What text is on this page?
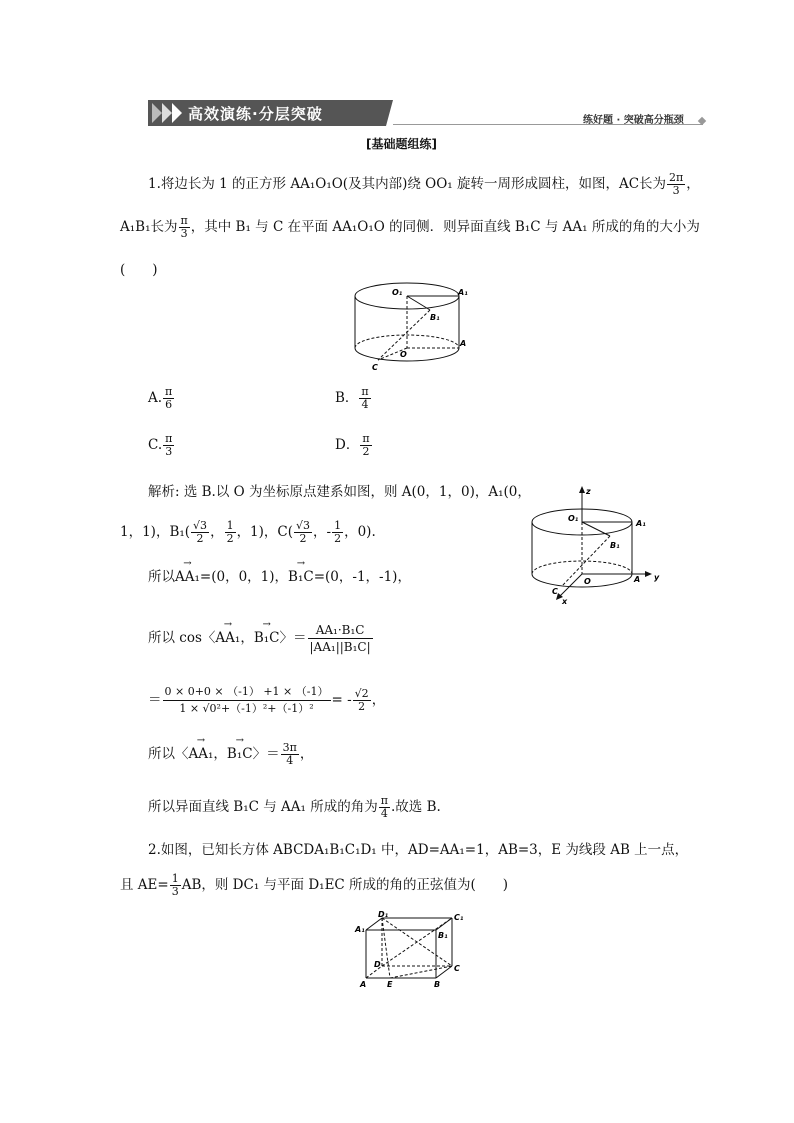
高效演练·分层突破	练好题 · 突破高分瓶颈
[基础题组练]
1.将边长为 1 的正方形 AA₁O₁O(及其内部)绕 OO₁ 旋转一周形成圆柱，如图，AC长为 $\frac{2\pi}{3}$ ，
A₁B₁长为 $\frac{\pi}{3}$ ，其中 B₁ 与 C 在平面 AA₁O₁O 的同侧．则异面直线 B₁C 与 AA₁ 所成的角的大小为
(　　)
O₁	A₁
B₁
O
A
C
A. $\frac{\pi}{6}$	B． $\frac{\pi}{4}$
C. $\frac{\pi}{3}$	D． $\frac{\pi}{2}$
解析: 选 B.以 O 为坐标原点建系如图，则 A(0，1，0)，A₁(0，
1，1)，$B_1( \frac{√3}{2}$ ， $\frac{1}{2}$ ，1)，$C( \frac{√3}{2}$ ，- $\frac{1}{2}$ ，0).
所以→ AA₁=(0，0，1)，→ B₁C=(0，-1，-1)，
所以 cos〈→ AA₁，→ B₁C〉＝ $\frac{\text{AA₁·B₁C}}{\text{|AA₁||B₁C|}}$
＝ $\frac{0 \times 0+0 \times (-1) +1 \times (-1)}{\text{1 × √0²+（-1）²+（-1）²}}$ = - $\frac{√2}{2}$ ，
所以〈→ AA₁，→ B₁C〉＝ $\frac{3\pi}{4}$ ，
所以异面直线 B₁C 与 AA₁ 所成的角为 $\frac{\pi}{4}$ .故选 B.
z
O₁
A₁
B₁
O	A y
C
x
2.如图，已知长方体 ABCDA₁B₁C₁D₁ 中，AD=AA₁=1，AB=3，E 为线段 AB 上一点，
且 $AE= \frac{1}{3}$ AB，则 DC₁ 与平面 D₁EC 所成的角的正弦值为(　　)
D₁	C₁
A₁
B₁
D	C
A	E	B
